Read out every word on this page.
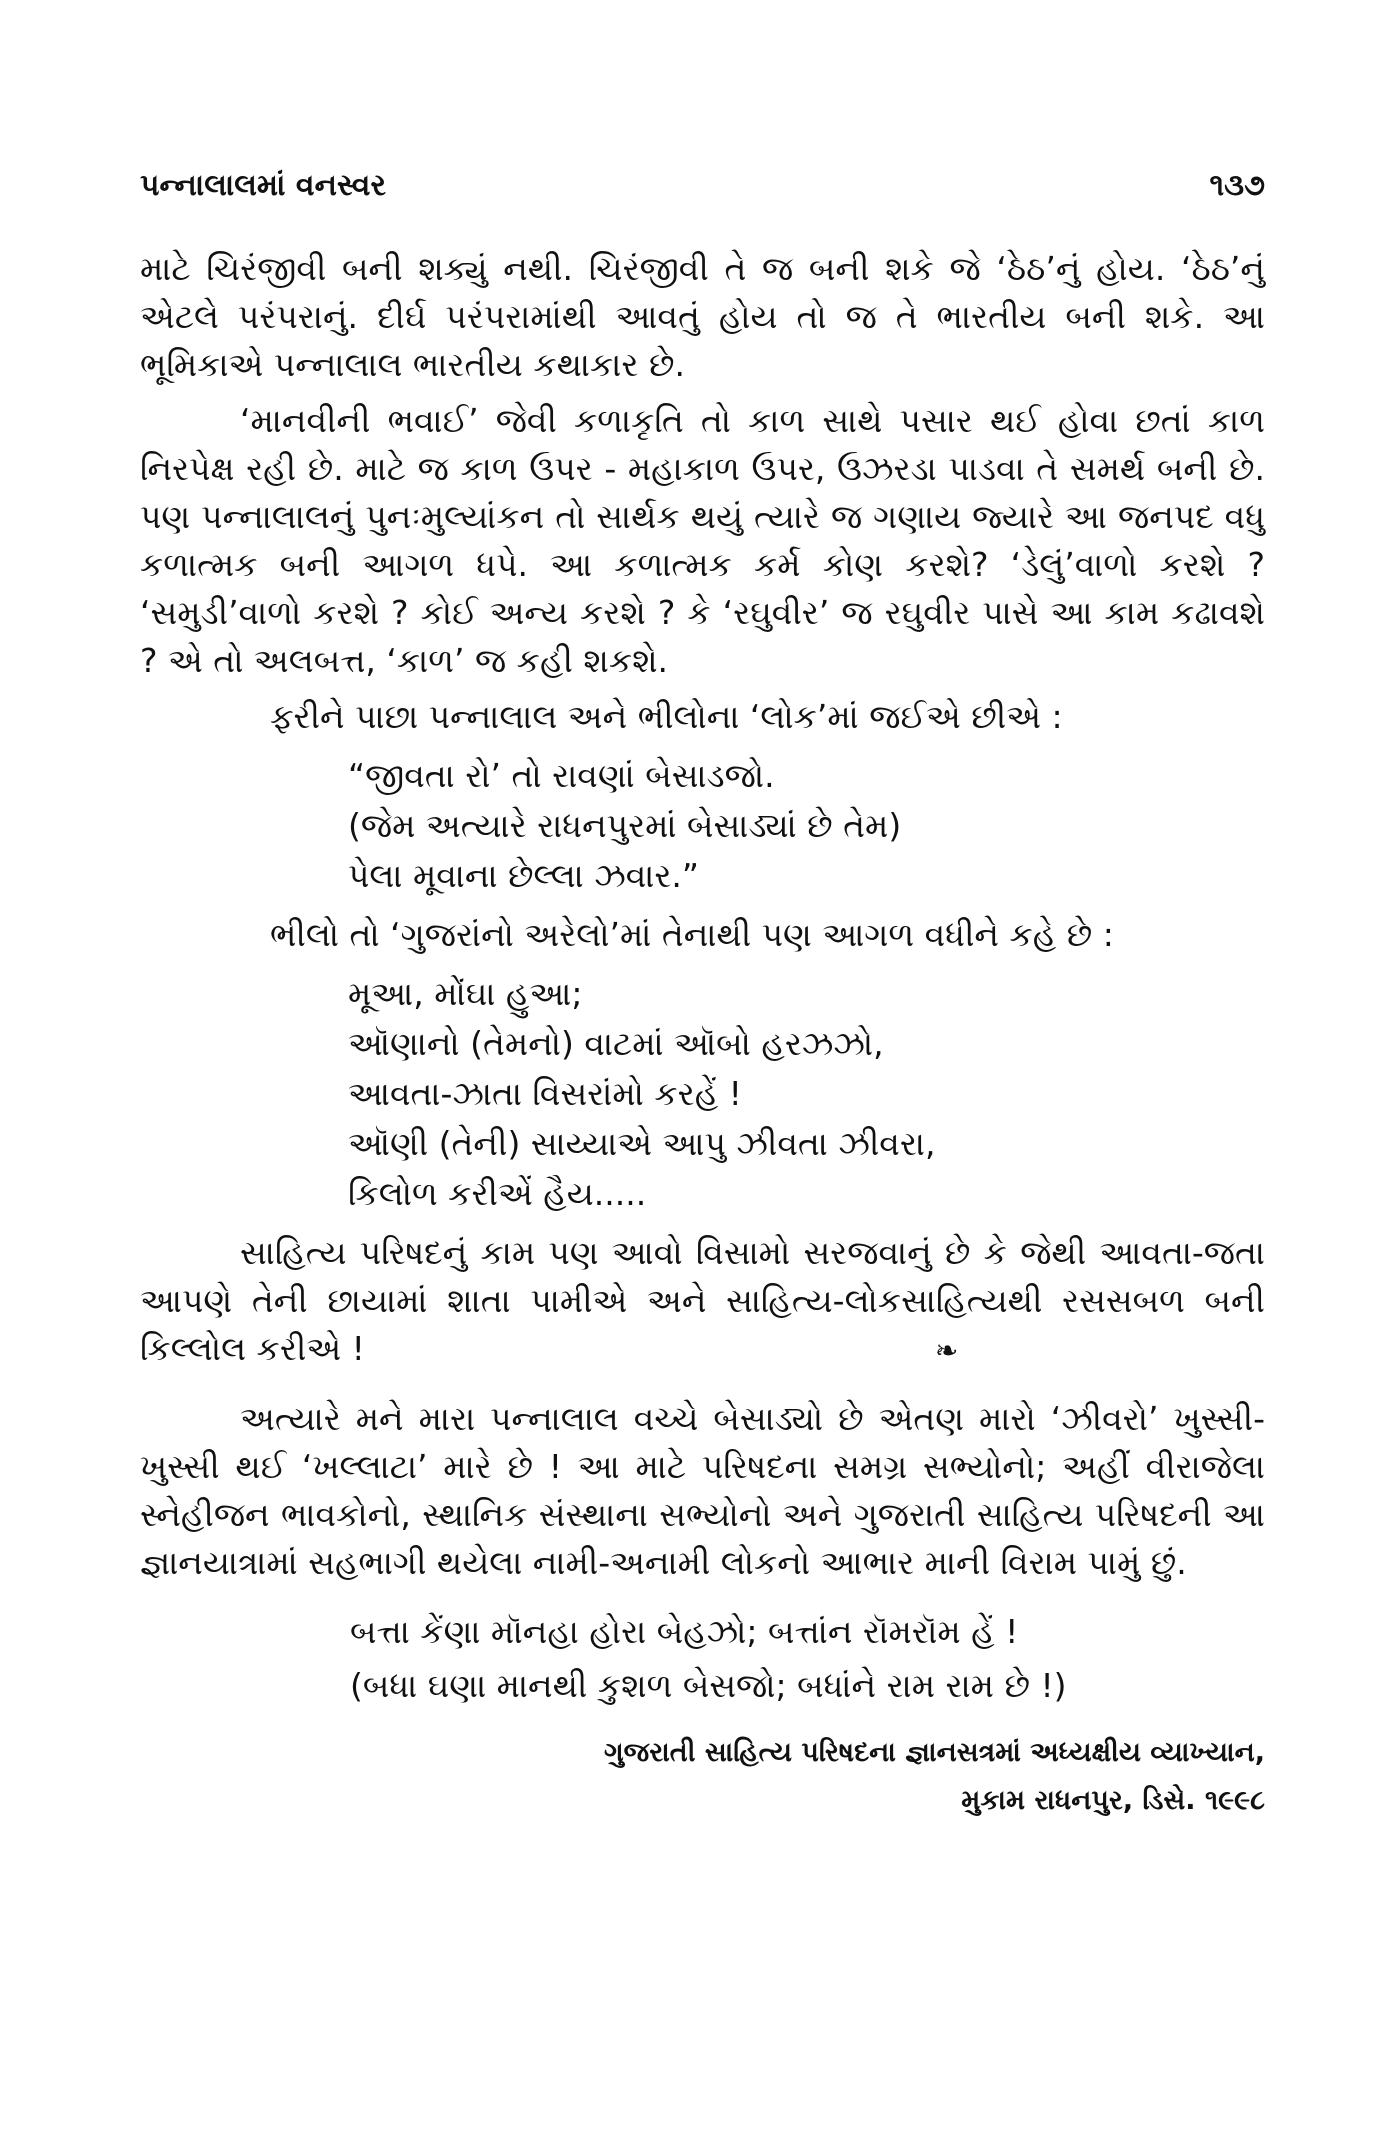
પન્નાલાલમાં વનસ્વર	૧૩૭

માટે ચિરંજીવી બની શક્યું નથી. ચિરંજીવી તે જ બની શકે જે ‘ઠેઠ’નું હોય. ‘ઠેઠ’નું એટલે પરંપરાનું. દીર્ઘ પરંપરામાંથી આવતું હોય તો જ તે ભારતીય બની શકે. આ ભૂમિકાએ પન્નાલાલ ભારતીય કથાકાર છે.

‘માનવીની ભવાઈ’ જેવી કળાકૃતિ તો કાળ સાથે પસાર થઈ હોવા છતાં કાળ નિરપેક્ષ રહી છે. માટે જ કાળ ઉપર - મહાકાળ ઉપર, ઉઝરડા પાડવા તે સમર્થ બની છે. પણ પન્નાલાલનું પુનઃમુલ્યાંકન તો સાર્થક થયું ત્યારે જ ગણાય જ્યારે આ જનપદ વધુ કળાત્મક બની આગળ ધપે. આ કળાત્મક કર્મ કોણ કરશે? ‘ડેલું’વાળો કરશે ? ‘સમુડી’વાળો કરશે ? કોઈ અન્ય કરશે ? કે ‘રઘુવીર’ જ રઘુવીર પાસે આ કામ કઢાવશે ? એ તો અલબત્ત, ‘કાળ’ જ કહી શકશે.

ફરીને પાછા પન્નાલાલ અને ભીલોના ‘લોક’માં જઈએ છીએ :

“જીવતા રો’ તો રાવણાં બેસાડજો.
(જેમ અત્યારે રાધનપુરમાં બેસાડ્યાં છે તેમ)
પેલા મૂવાના છેલ્લા ઝવાર.”

ભીલો તો ‘ગુજરાંનો અરેલો’માં તેનાથી પણ આગળ વધીને કહે છે :

મૂઆ, મોંઘા હુઆ;
ઑણાનો (તેમનો) વાટમાં ઑબો હરઝઝો,
આવતા-ઝાતા વિસરાંમો કરહેં !
ઑણી (તેની) સાય્યાએ આપુ ઝીવતા ઝીવરા,
કિલોળ કરીએં હૈય.....

સાહિત્ય પરિષદનું કામ પણ આવો વિસામો સરજવાનું છે કે જેથી આવતા-જતા આપણે તેની છાયામાં શાતા પામીએ અને સાહિત્ય-લોકસાહિત્યથી રસસબળ બની કિલ્લોલ કરીએ !	❧

અત્યારે મને મારા પન્નાલાલ વચ્ચે બેસાડ્યો છે એતણ મારો ‘ઝીવરો’ ખુસ્સી-ખુસ્સી થઈ ‘ખલ્લાટા’ મારે છે ! આ માટે પરિષદના સમગ્ર સભ્યોનો; અહીં વીરાજેલા સ્નેહીજન ભાવકોનો, સ્થાનિક સંસ્થાના સભ્યોનો અને ગુજરાતી સાહિત્ય પરિષદની આ જ્ઞાનયાત્રામાં સહભાગી થયેલા નામી-અનામી લોકનો આભાર માની વિરામ પામું છું.

બત્તા કેંણા મૉનહા હોરા બેહઝો; બત્તાંન રૉમરૉમ હેં !
(બધા ઘણા માનથી કુશળ બેસજો; બધાંને રામ રામ છે !)
ગુજરાતી સાહિત્ય પરિષદના જ્ઞાનસત્રમાં અધ્યક્ષીય વ્યાખ્યાન,
મુકામ રાધનપુર, ડિસે. ૧૯૯૮
